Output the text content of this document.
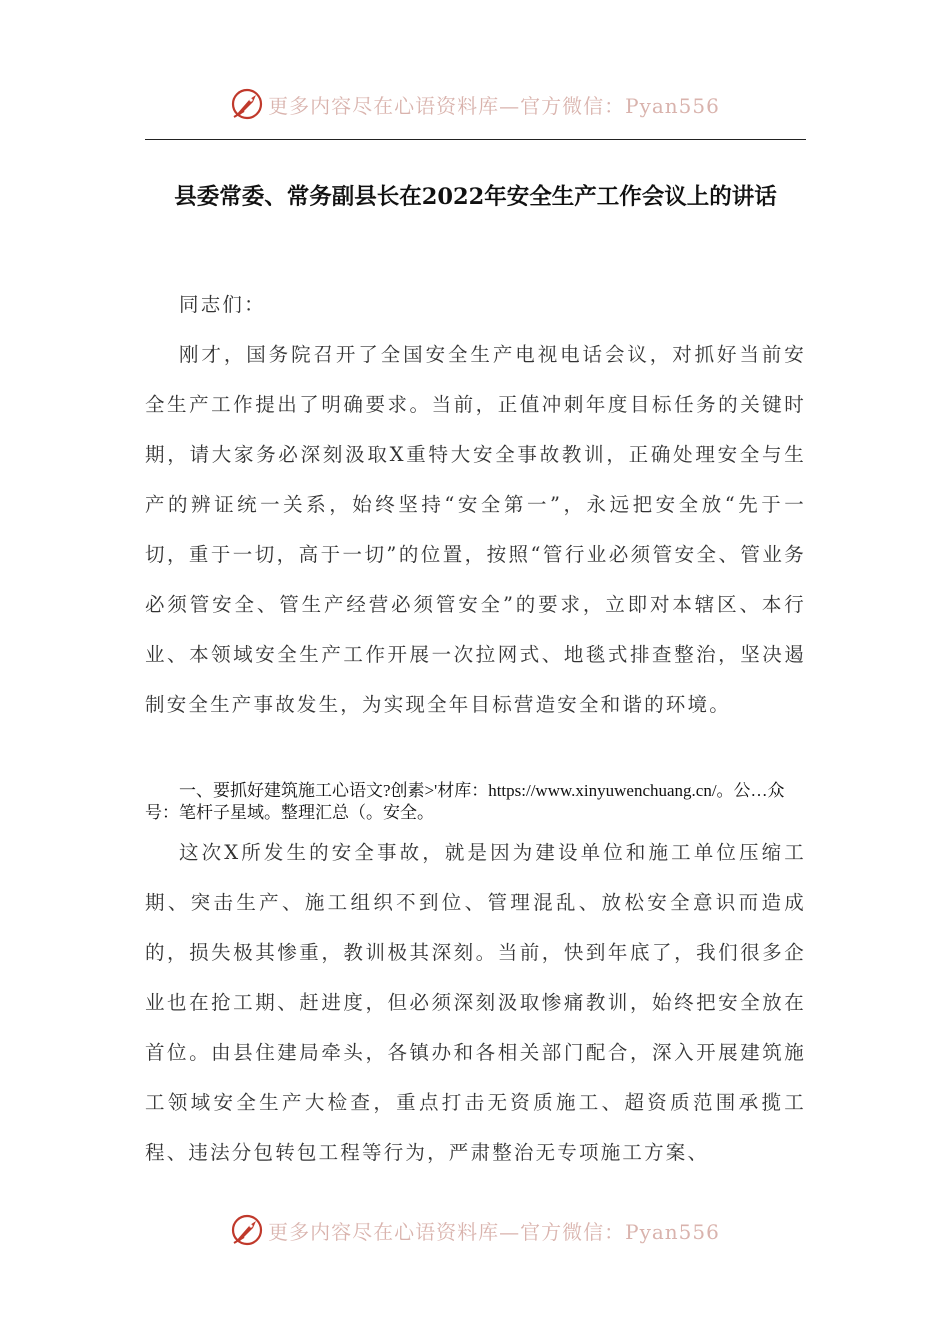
更多内容尽在心语资料库—官方微信：Pyan556
县委常委、常务副县长在2022年安全生产工作会议上的讲话

同志们：

刚才，国务院召开了全国安全生产电视电话会议，对抓好当前安全生产工作提出了明确要求。当前，正值冲刺年度目标任务的关键时期，请大家务必深刻汲取X重特大安全事故教训，正确处理安全与生产的辨证统一关系，始终坚持“安全第一”，永远把安全放“先于一切，重于一切，高于一切”的位置，按照“管行业必须管安全、管业务必须管安全、管生产经营必须管安全”的要求，立即对本辖区、本行业、本领域安全生产工作开展一次拉网式、地毯式排查整治，坚决遏制安全生产事故发生，为实现全年目标营造安全和谐的环境。

一、要抓好建筑施工心语文?创素>'材库：https://www.xinyuwenchuang.cn/。公…众号：笔杆子星域。整理汇总（。安全。

这次X所发生的安全事故，就是因为建设单位和施工单位压缩工期、突击生产、施工组织不到位、管理混乱、放松安全意识而造成的，损失极其惨重，教训极其深刻。当前，快到年底了，我们很多企业也在抢工期、赶进度，但必须深刻汲取惨痛教训，始终把安全放在首位。由县住建局牵头，各镇办和各相关部门配合，深入开展建筑施工领域安全生产大检查，重点打击无资质施工、超资质范围承揽工程、违法分包转包工程等行为，严肃整治无专项施工方案、

更多内容尽在心语资料库—官方微信：Pyan556
